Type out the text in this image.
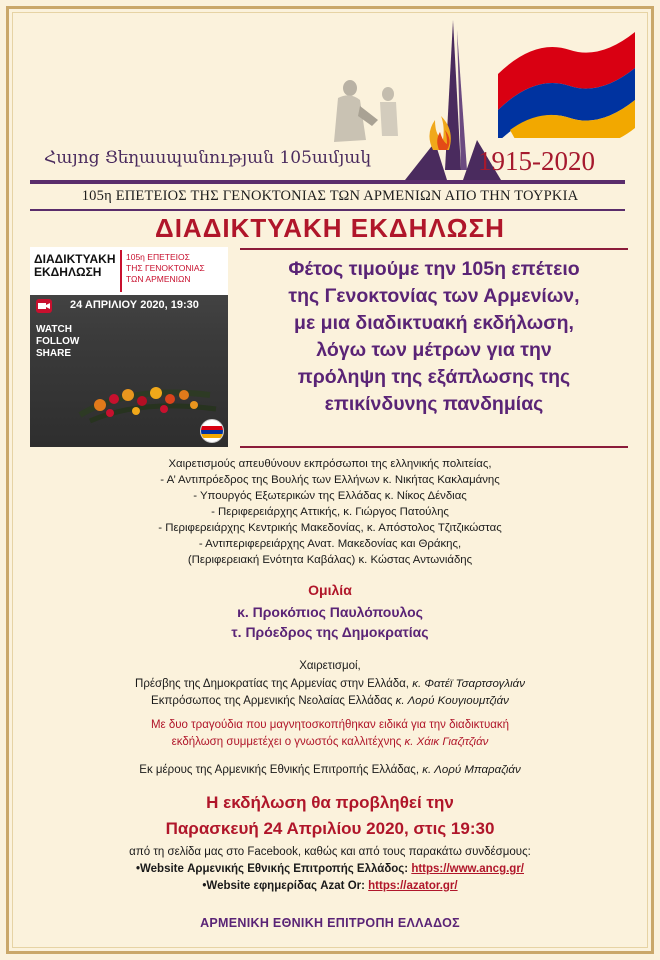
Հայոց Ցեղասպանության 105ամյակ	1915-2020
105η ΕΠΕΤΕΙΟΣ ΤΗΣ ΓΕΝΟΚΤΟΝΙΑΣ ΤΩΝ ΑΡΜΕΝΙΩΝ ΑΠΟ ΤΗΝ ΤΟΥΡΚΙΑ
ΔΙΑΔΙΚΤΥΑΚΗ ΕΚΔΗΛΩΣΗ
ΔΙΑΔΙΚΤΥΑΚΗ
ΕΚΔΗΛΩΣΗ
105η ΕΠΕΤΕΙΟΣ
ΤΗΣ ΓΕΝΟΚΤΟΝΙΑΣ
ΤΩΝ ΑΡΜΕΝΙΩΝ
24 ΑΠΡΙΛΙΟΥ 2020, 19:30
WATCH
FOLLOW
SHARE
Φέτος τιμούμε την 105η επέτειο
της Γενοκτονίας των Αρμενίων,
με μια διαδικτυακή εκδήλωση,
λόγω των μέτρων για την
πρόληψη της εξάπλωσης της
επικίνδυνης πανδημίας
Χαιρετισμούς απευθύνουν εκπρόσωποι της ελληνικής πολιτείας,
- Α’ Αντιπρόεδρος της Βουλής των Ελλήνων κ. Νικήτας Κακλαμάνης
- Υπουργός Εξωτερικών της Ελλάδας κ. Νίκος Δένδιας
- Περιφερειάρχης Αττικής, κ. Γιώργος Πατούλης
- Περιφερειάρχης Κεντρικής Μακεδονίας, κ. Απόστολος Τζιτζικώστας
- Αντιπεριφερειάρχης Ανατ. Μακεδονίας και Θράκης,
(Περιφερειακή Ενότητα Καβάλας) κ. Κώστας Αντωνιάδης
Ομιλία
κ. Προκόπιος Παυλόπουλος
τ. Πρόεδρος της Δημοκρατίας
Χαιρετισμοί,
Πρέσβης της Δημοκρατίας της Αρμενίας στην Ελλάδα, κ. Φατέϊ Τσαρτσογλιάν
Εκπρόσωπος της Αρμενικής Νεολαίας Ελλάδας κ. Λορύ Κουγιουμτζιάν
Με δυο τραγούδια που μαγνητοσκοπήθηκαν ειδικά για την διαδικτυακή
εκδήλωση συμμετέχει ο γνωστός καλλιτέχνης κ. Χάικ Γιαζιτζιάν
Εκ μέρους της Αρμενικής Εθνικής Επιτροπής Ελλάδας, κ. Λορύ Μπαραζιάν
Η εκδήλωση θα προβληθεί την
Παρασκευή 24 Απριλίου 2020, στις 19:30
από τη σελίδα μας στο Facebook, καθώς και από τους παρακάτω συνδέσμους:
•Website Αρμενικής Εθνικής Επιτροπής Ελλάδος: https://www.ancg.gr/
•Website εφημερίδας Azat Or: https://azator.gr/
ΑΡΜΕΝΙΚΗ ΕΘΝΙΚΗ ΕΠΙΤΡΟΠΗ ΕΛΛΑΔΟΣ
